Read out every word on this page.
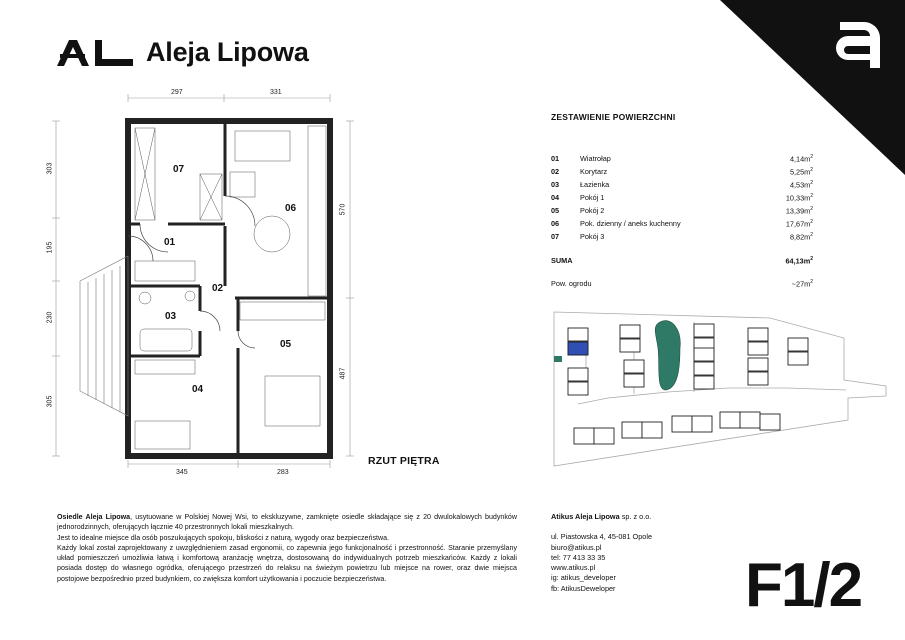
Aleja Lipowa
297	331
345	283
303
195
230
305
570
487
07
06
01
02
03
05
04
RZUT PIĘTRA
ZESTAWIENIE POWIERZCHNI
01	Wiatrołap	$4,14m^2$
02	Korytarz	$5,25m^2$
03	Łazienka	$4,53m^2$
04	Pokój 1	$10,33m^2$
05	Pokój 2	$13,39m^2$
06	Pok. dzienny / aneks kuchenny	$17,67m^2$
07	Pokój 3	$8,82m^2$
SUMA	$64,13m^2$
Pow. ogrodu	$\sim 27m^2$
Osiedle Aleja Lipowa, usytuowane w Polskiej Nowej Wsi, to ekskluzywne, zamknięte osiedle składające się z 20 dwulokalowych budynków jednorodzinnych, oferujących łącznie 40 przestronnych lokali mieszkalnych.
Jest to idealne miejsce dla osób poszukujących spokoju, bliskości z naturą, wygody oraz bezpieczeństwa.
Każdy lokal został zaprojektowany z uwzględnieniem zasad ergonomii, co zapewnia jego funkcjonalność i przestronność. Staranie przemyślany układ pomieszczeń umożliwia łatwą i komfortową aranżację wnętrza, dostosowaną do indywidualnych potrzeb mieszkańców. Każdy z lokali posiada dostęp do własnego ogródka, oferującego przestrzeń do relaksu na świeżym powietrzu lub miejsce na rower, oraz dwie miejsca postojowe bezpośrednio przed budynkiem, co zwiększa komfort użytkowania i poczucie bezpieczeństwa.
Atikus Aleja Lipowa sp. z o.o.
ul. Piastowska 4, 45-081 Opole
biuro@atikus.pl
tel: 77 413 33 35
www.atikus.pl
ig: atikus_developer
fb: AtikusDeweloper	F1/2
